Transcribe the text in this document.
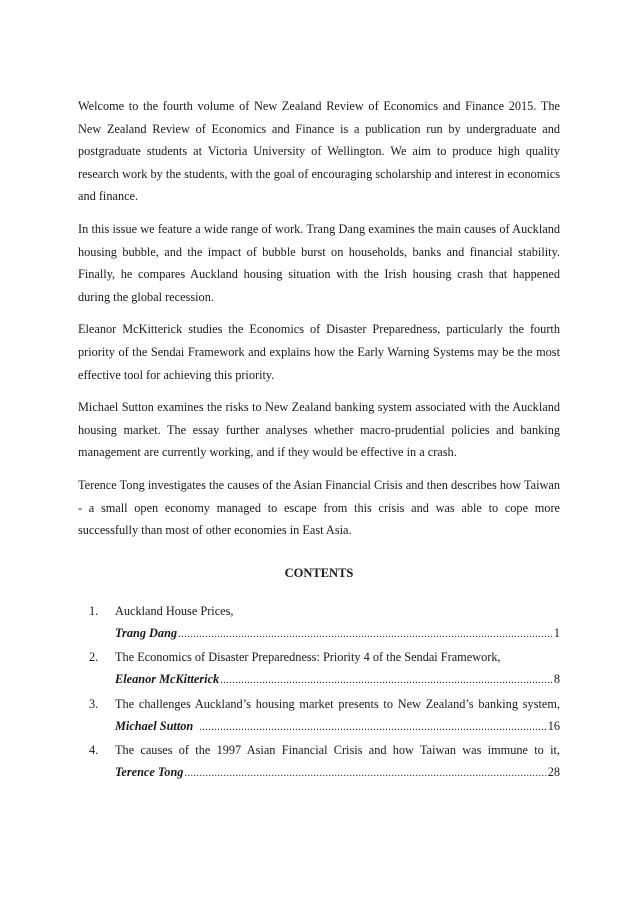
Welcome to the fourth volume of New Zealand Review of Economics and Finance 2015. The New Zealand Review of Economics and Finance is a publication run by undergraduate and postgraduate students at Victoria University of Wellington. We aim to produce high quality research work by the students, with the goal of encouraging scholarship and interest in economics and finance.

In this issue we feature a wide range of work. Trang Dang examines the main causes of Auckland housing bubble, and the impact of bubble burst on households, banks and financial stability. Finally, he compares Auckland housing situation with the Irish housing crash that happened during the global recession.

Eleanor McKitterick studies the Economics of Disaster Preparedness, particularly the fourth priority of the Sendai Framework and explains how the Early Warning Systems may be the most effective tool for achieving this priority.

Michael Sutton examines the risks to New Zealand banking system associated with the Auckland housing market. The essay further analyses whether macro-prudential policies and banking management are currently working, and if they would be effective in a crash.

Terence Tong investigates the causes of the Asian Financial Crisis and then describes how Taiwan - a small open economy managed to escape from this crisis and was able to cope more successfully than most of other economies in East Asia.

CONTENTS
1. Auckland House Prices,
Trang Dang .....	1
2. The Economics of Disaster Preparedness: Priority 4 of the Sendai Framework,
Eleanor McKitterick .....	8
3. The challenges Auckland’s housing market presents to New Zealand’s banking system,
Michael Sutton .....	16
4. The causes of the 1997 Asian Financial Crisis and how Taiwan was immune to it,
Terence Tong .....	28
